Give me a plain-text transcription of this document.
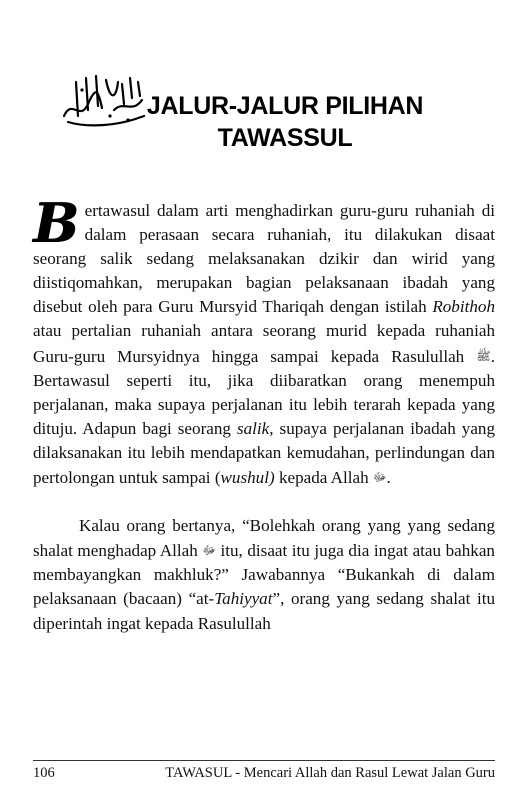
JALUR-JALUR PILIHAN
TAWASSUL

Bertawasul dalam arti menghadirkan guru-guru ruhaniah di dalam perasaan secara ruhaniah, itu dilakukan disaat seorang salik sedang melaksanakan dzikir dan wirid yang diistiqomahkan, merupakan bagian pelaksanaan ibadah yang disebut oleh para Guru Mursyid Thariqah dengan istilah Robithoh atau pertalian ruhaniah antara seorang murid kepada ruhaniah Guru-guru Mursyidnya hingga sampai kepada Rasulullah ﷺ. Bertawasul seperti itu, jika diibaratkan orang menempuh perjalanan, maka supaya perjalanan itu lebih terarah kepada yang dituju. Adapun bagi seorang salik, supaya perjalanan ibadah yang dilaksanakan itu lebih mendapatkan kemudahan, perlindungan dan pertolongan untuk sampai (wushul) kepada Allah ﷻ.

Kalau orang bertanya, “Bolehkah orang yang yang sedang shalat menghadap Allah ﷻ itu, disaat itu juga dia ingat atau bahkan membayangkan makhluk?” Jawabannya “Bukankah di dalam pelaksanaan (bacaan) “at-Tahiyyat”, orang yang sedang shalat itu diperintah ingat kepada Rasulullah

106	TAWASUL - Mencari Allah dan Rasul Lewat Jalan Guru
